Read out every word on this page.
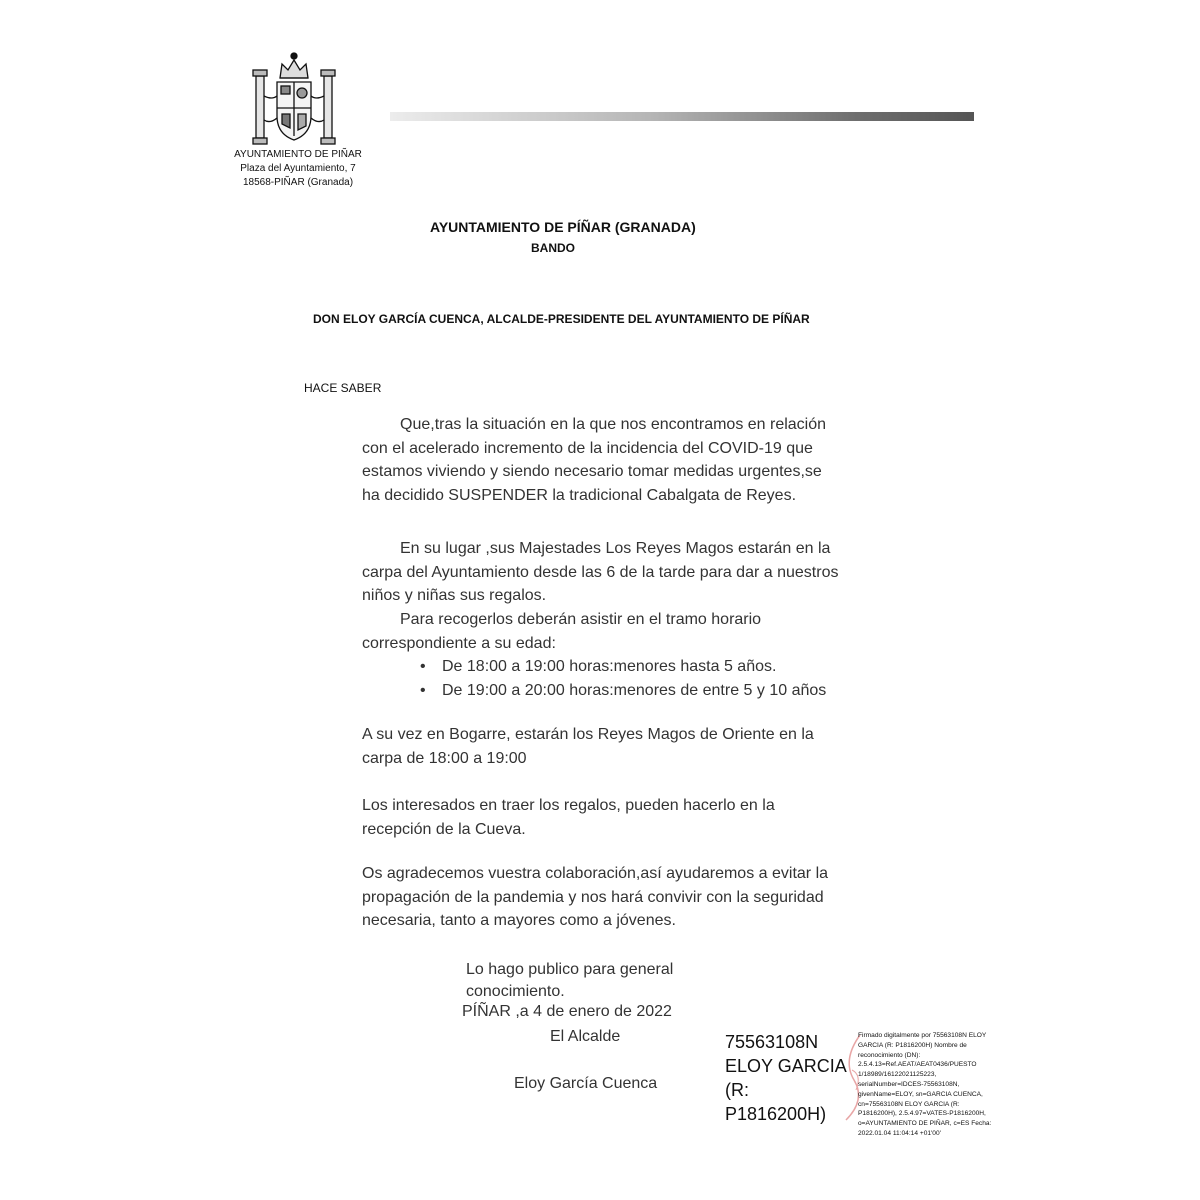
AYUNTAMIENTO DE PIÑAR
Plaza del Ayuntamiento, 7
18568-PIÑAR (Granada)
AYUNTAMIENTO DE PÍÑAR (GRANADA)
BANDO
DON ELOY GARCÍA CUENCA, ALCALDE-PRESIDENTE DEL AYUNTAMIENTO DE PÍÑAR
HACE SABER

Que,tras la situación en la que nos encontramos en relación con el acelerado incremento de la incidencia del COVID-19 que estamos viviendo y siendo necesario tomar medidas urgentes,se ha decidido SUSPENDER la tradicional Cabalgata de Reyes.

En su lugar ,sus Majestades Los Reyes Magos estarán en la carpa del Ayuntamiento desde las 6 de la tarde para dar a nuestros niños y niñas sus regalos.

Para recogerlos deberán asistir en el tramo horario correspondiente a su edad:

• De 18:00 a 19:00 horas:menores hasta 5 años.
• De 19:00 a 20:00 horas:menores de entre 5 y 10 años

A su vez en Bogarre, estarán los Reyes Magos de Oriente en la carpa de 18:00 a 19:00

Los interesados en traer los regalos, pueden hacerlo en la recepción de la Cueva.

Os agradecemos vuestra colaboración,así ayudaremos a evitar la propagación de la pandemia y nos hará convivir con la seguridad necesaria, tanto a mayores como a jóvenes.

Lo hago publico para general conocimiento.
PÍÑAR ,a 4 de enero de 2022
El Alcalde
Eloy García Cuenca
75563108N
ELOY GARCIA
(R:
P1816200H)
Firmado digitalmente por 75563108N ELOY GARCIA (R: P1816200H) Nombre de reconocimiento (DN): 2.5.4.13=Ref.AEAT/AEAT0436/PUESTO 1/18989/16122021125223, serialNumber=IDCES-75563108N, givenName=ELOY, sn=GARCIA CUENCA, cn=75563108N ELOY GARCIA (R: P1816200H), 2.5.4.97=VATES-P1816200H, o=AYUNTAMIENTO DE PIÑAR, c=ES Fecha: 2022.01.04 11:04:14 +01'00'
